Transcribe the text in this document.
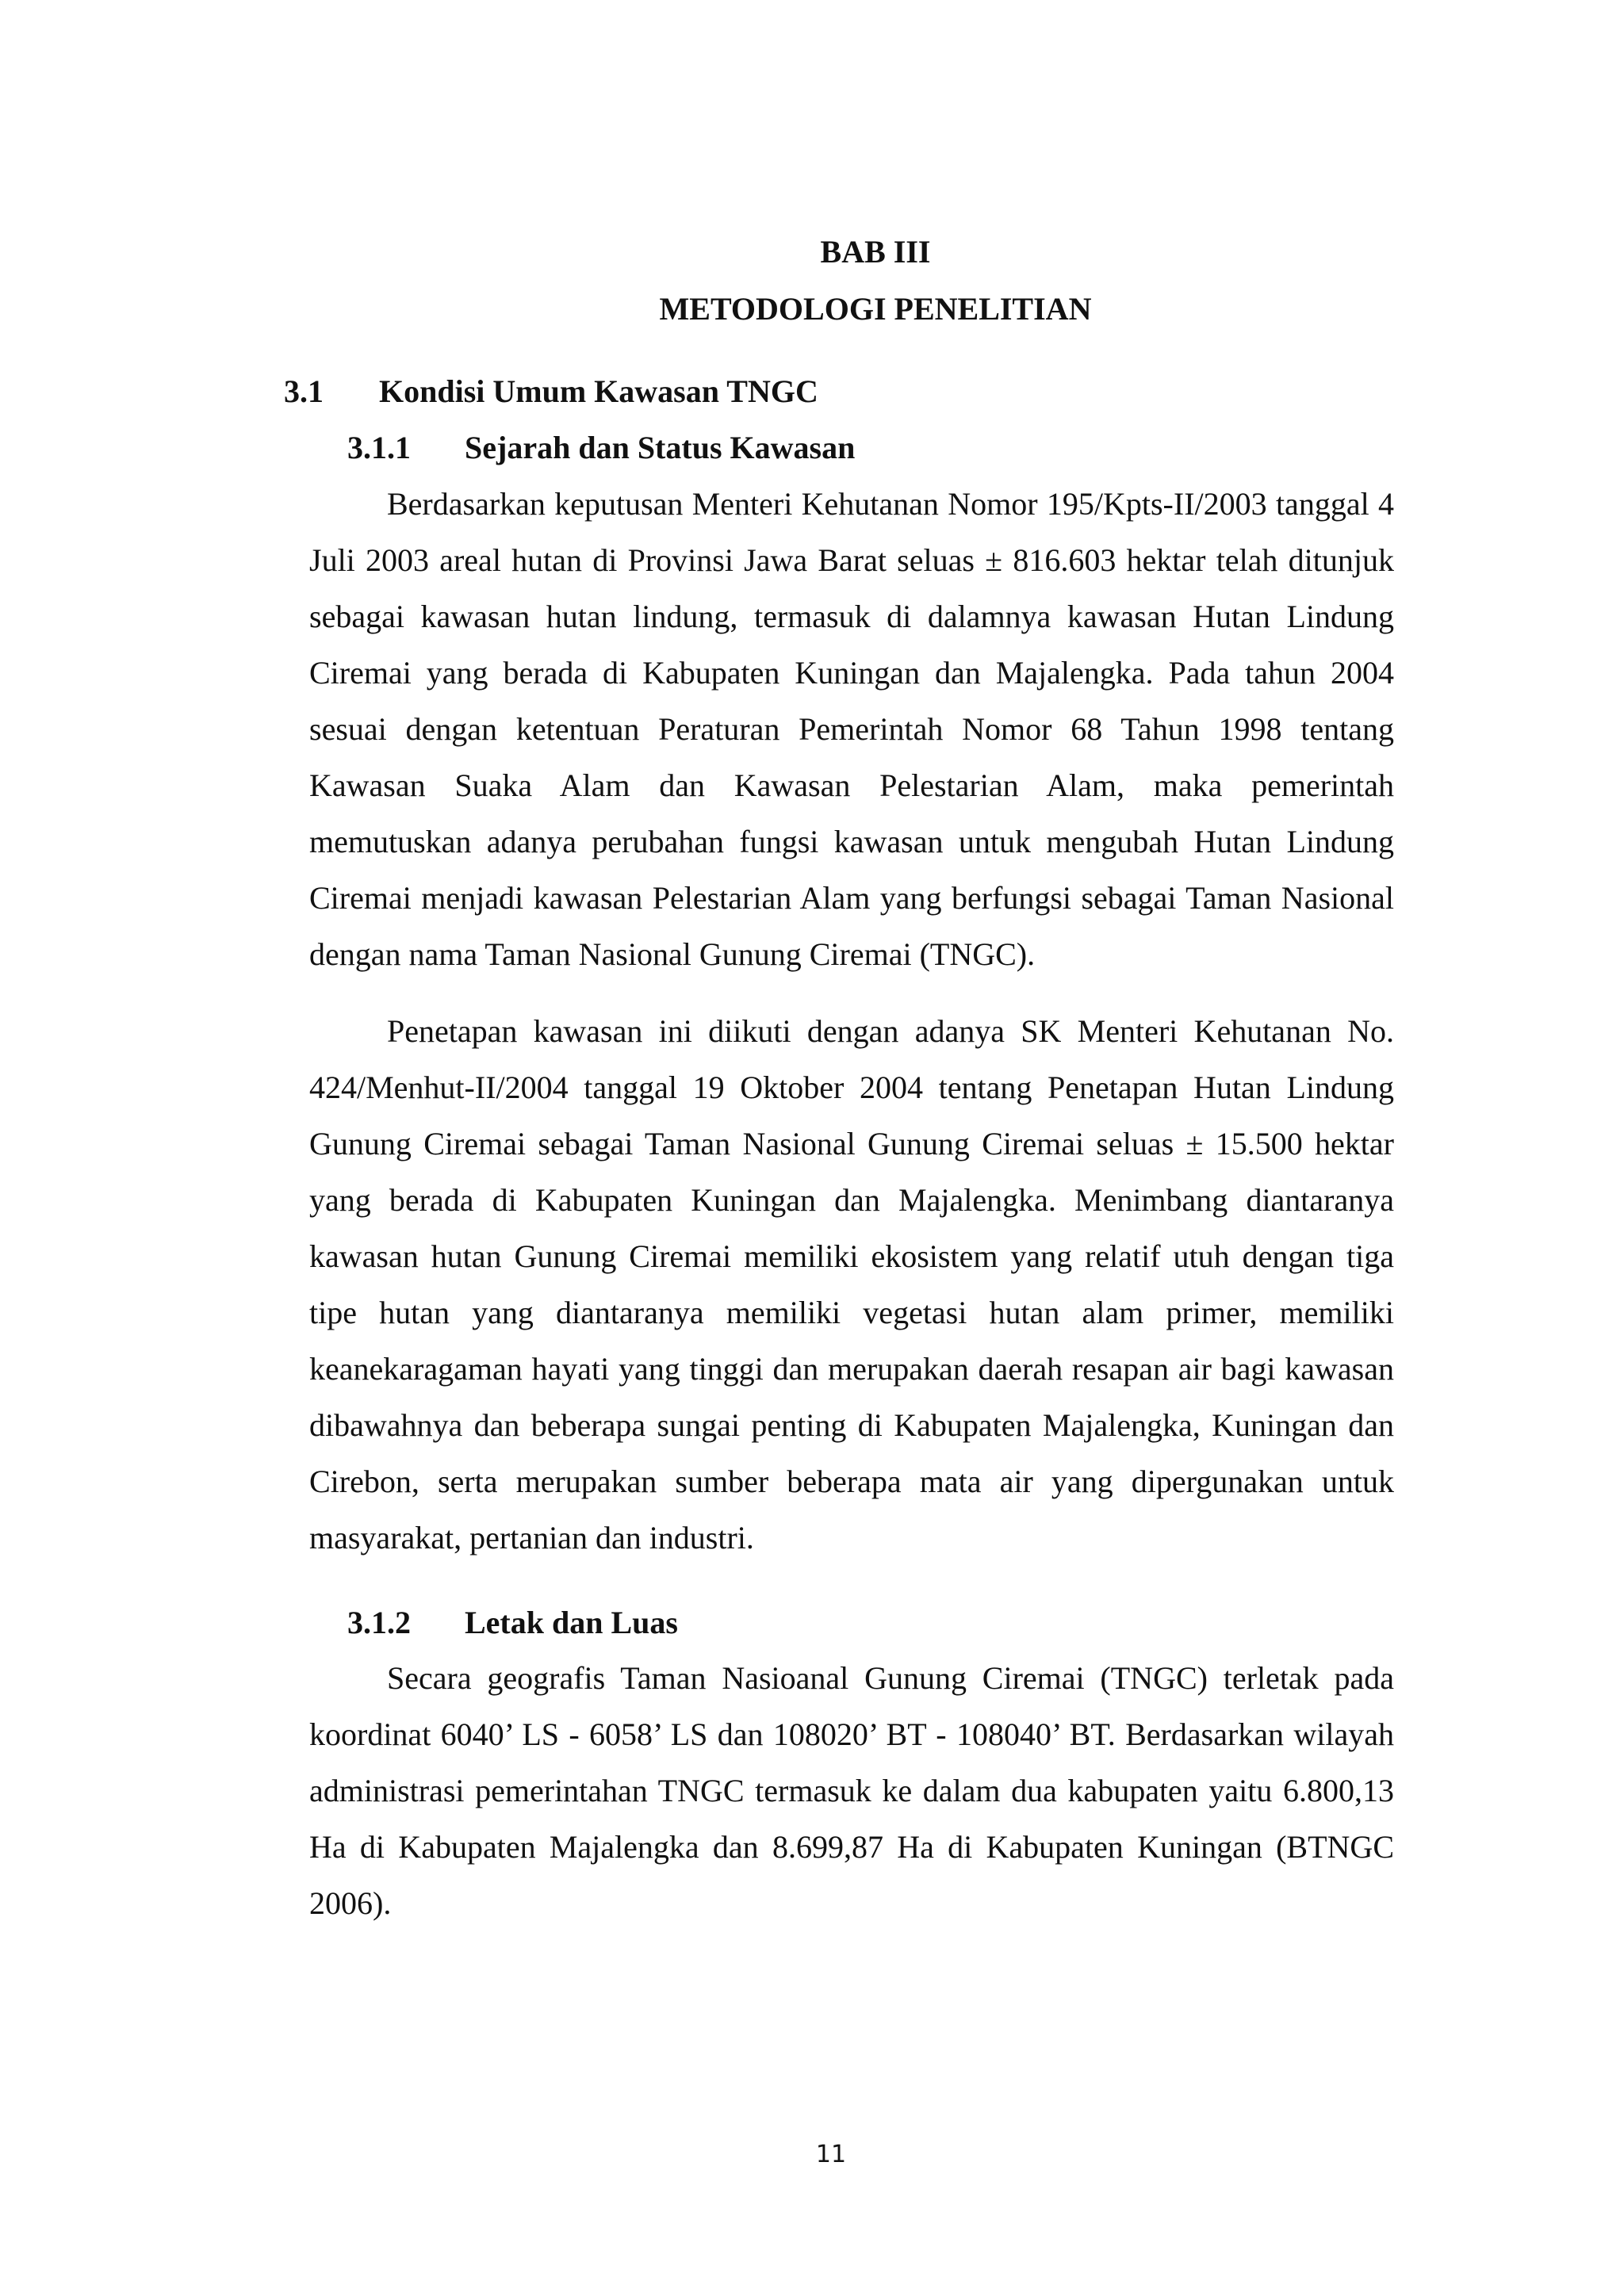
BAB III
METODOLOGI PENELITIAN
3.1 Kondisi Umum Kawasan TNGC
3.1.1 Sejarah dan Status Kawasan

Berdasarkan keputusan Menteri Kehutanan Nomor 195/Kpts-II/2003 tanggal 4 Juli 2003 areal hutan di Provinsi Jawa Barat seluas ± 816.603 hektar telah ditunjuk sebagai kawasan hutan lindung, termasuk di dalamnya kawasan Hutan Lindung Ciremai yang berada di Kabupaten Kuningan dan Majalengka. Pada tahun 2004 sesuai dengan ketentuan Peraturan Pemerintah Nomor 68 Tahun 1998 tentang Kawasan Suaka Alam dan Kawasan Pelestarian Alam, maka pemerintah memutuskan adanya perubahan fungsi kawasan untuk mengubah Hutan Lindung Ciremai menjadi kawasan Pelestarian Alam yang berfungsi sebagai Taman Nasional dengan nama Taman Nasional Gunung Ciremai (TNGC).

Penetapan kawasan ini diikuti dengan adanya SK Menteri Kehutanan No. 424/Menhut-II/2004 tanggal 19 Oktober 2004 tentang Penetapan Hutan Lindung Gunung Ciremai sebagai Taman Nasional Gunung Ciremai seluas ± 15.500 hektar yang berada di Kabupaten Kuningan dan Majalengka. Menimbang diantaranya kawasan hutan Gunung Ciremai memiliki ekosistem yang relatif utuh dengan tiga tipe hutan yang diantaranya memiliki vegetasi hutan alam primer, memiliki keanekaragaman hayati yang tinggi dan merupakan daerah resapan air bagi kawasan dibawahnya dan beberapa sungai penting di Kabupaten Majalengka, Kuningan dan Cirebon, serta merupakan sumber beberapa mata air yang dipergunakan untuk masyarakat, pertanian dan industri.

3.1.2 Letak dan Luas

Secara geografis Taman Nasioanal Gunung Ciremai (TNGC) terletak pada koordinat 6040’ LS - 6058’ LS dan 108020’ BT - 108040’ BT. Berdasarkan wilayah administrasi pemerintahan TNGC termasuk ke dalam dua kabupaten yaitu 6.800,13 Ha di Kabupaten Majalengka dan 8.699,87 Ha di Kabupaten Kuningan (BTNGC 2006).

11
